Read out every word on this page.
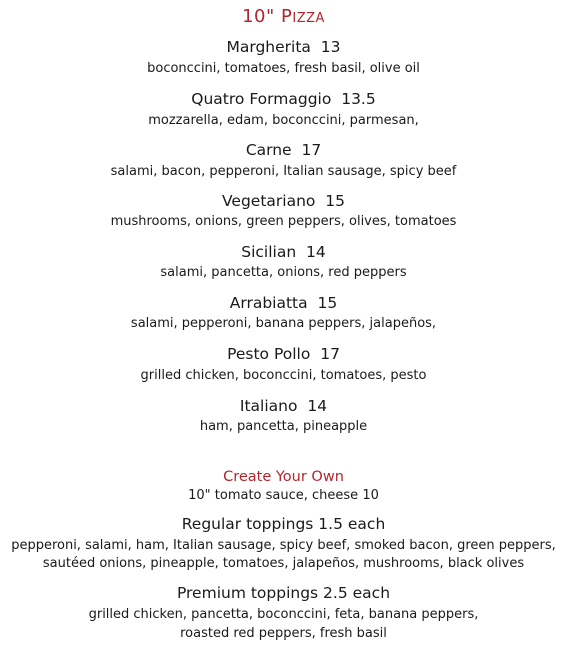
10" Pizza
Margherita 13
boconccini, tomatoes, fresh basil, olive oil
Quatro Formaggio 13.5
mozzarella, edam, boconccini, parmesan,
Carne 17
salami, bacon, pepperoni, Italian sausage, spicy beef
Vegetariano 15
mushrooms, onions, green peppers, olives, tomatoes
Sicilian 14
salami, pancetta, onions, red peppers
Arrabiatta 15
salami, pepperoni, banana peppers, jalapeños,
Pesto Pollo 17
grilled chicken, boconccini, tomatoes, pesto
Italiano 14
ham, pancetta, pineapple
Create Your Own
10" tomato sauce, cheese 10
Regular toppings 1.5 each
pepperoni, salami, ham, Italian sausage, spicy beef, smoked bacon, green peppers,
sautéed onions, pineapple, tomatoes, jalapeños, mushrooms, black olives
Premium toppings 2.5 each
grilled chicken, pancetta, boconccini, feta, banana peppers,
roasted red peppers, fresh basil
